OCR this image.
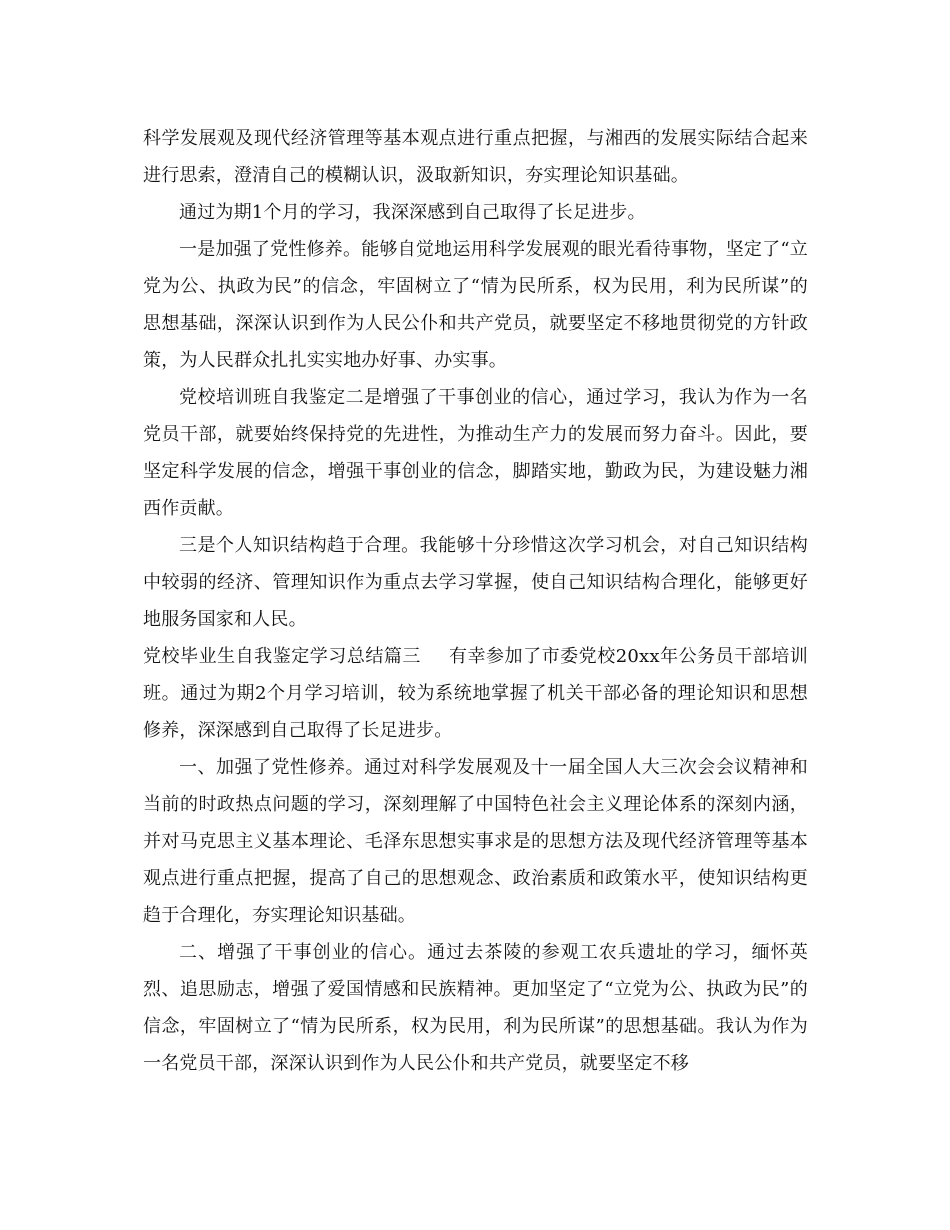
科学发展观及现代经济管理等基本观点进行重点把握，与湘西的发展实际结合起来进行思索，澄清自己的模糊认识，汲取新知识，夯实理论知识基础。

通过为期1个月的学习，我深深感到自己取得了长足进步。

一是加强了党性修养。能够自觉地运用科学发展观的眼光看待事物，坚定了“立党为公、执政为民”的信念，牢固树立了“情为民所系，权为民用，利为民所谋”的思想基础，深深认识到作为人民公仆和共产党员，就要坚定不移地贯彻党的方针政策，为人民群众扎扎实实地办好事、办实事。

党校培训班自我鉴定二是增强了干事创业的信心，通过学习，我认为作为一名党员干部，就要始终保持党的先进性，为推动生产力的发展而努力奋斗。因此，要坚定科学发展的信念，增强干事创业的信念，脚踏实地，勤政为民，为建设魅力湘西作贡献。

三是个人知识结构趋于合理。我能够十分珍惜这次学习机会，对自己知识结构中较弱的经济、管理知识作为重点去学习掌握，使自己知识结构合理化，能够更好地服务国家和人民。

党校毕业生自我鉴定学习总结篇三 有幸参加了市委党校20xx年公务员干部培训班。通过为期2个月学习培训，较为系统地掌握了机关干部必备的理论知识和思想修养，深深感到自己取得了长足进步。

一、加强了党性修养。通过对科学发展观及十一届全国人大三次会会议精神和当前的时政热点问题的学习，深刻理解了中国特色社会主义理论体系的深刻内涵，并对马克思主义基本理论、毛泽东思想实事求是的思想方法及现代经济管理等基本观点进行重点把握，提高了自己的思想观念、政治素质和政策水平，使知识结构更趋于合理化，夯实理论知识基础。

二、增强了干事创业的信心。通过去茶陵的参观工农兵遗址的学习，缅怀英烈、追思励志，增强了爱国情感和民族精神。更加坚定了“立党为公、执政为民”的信念，牢固树立了“情为民所系，权为民用，利为民所谋”的思想基础。我认为作为一名党员干部，深深认识到作为人民公仆和共产党员，就要坚定不移
